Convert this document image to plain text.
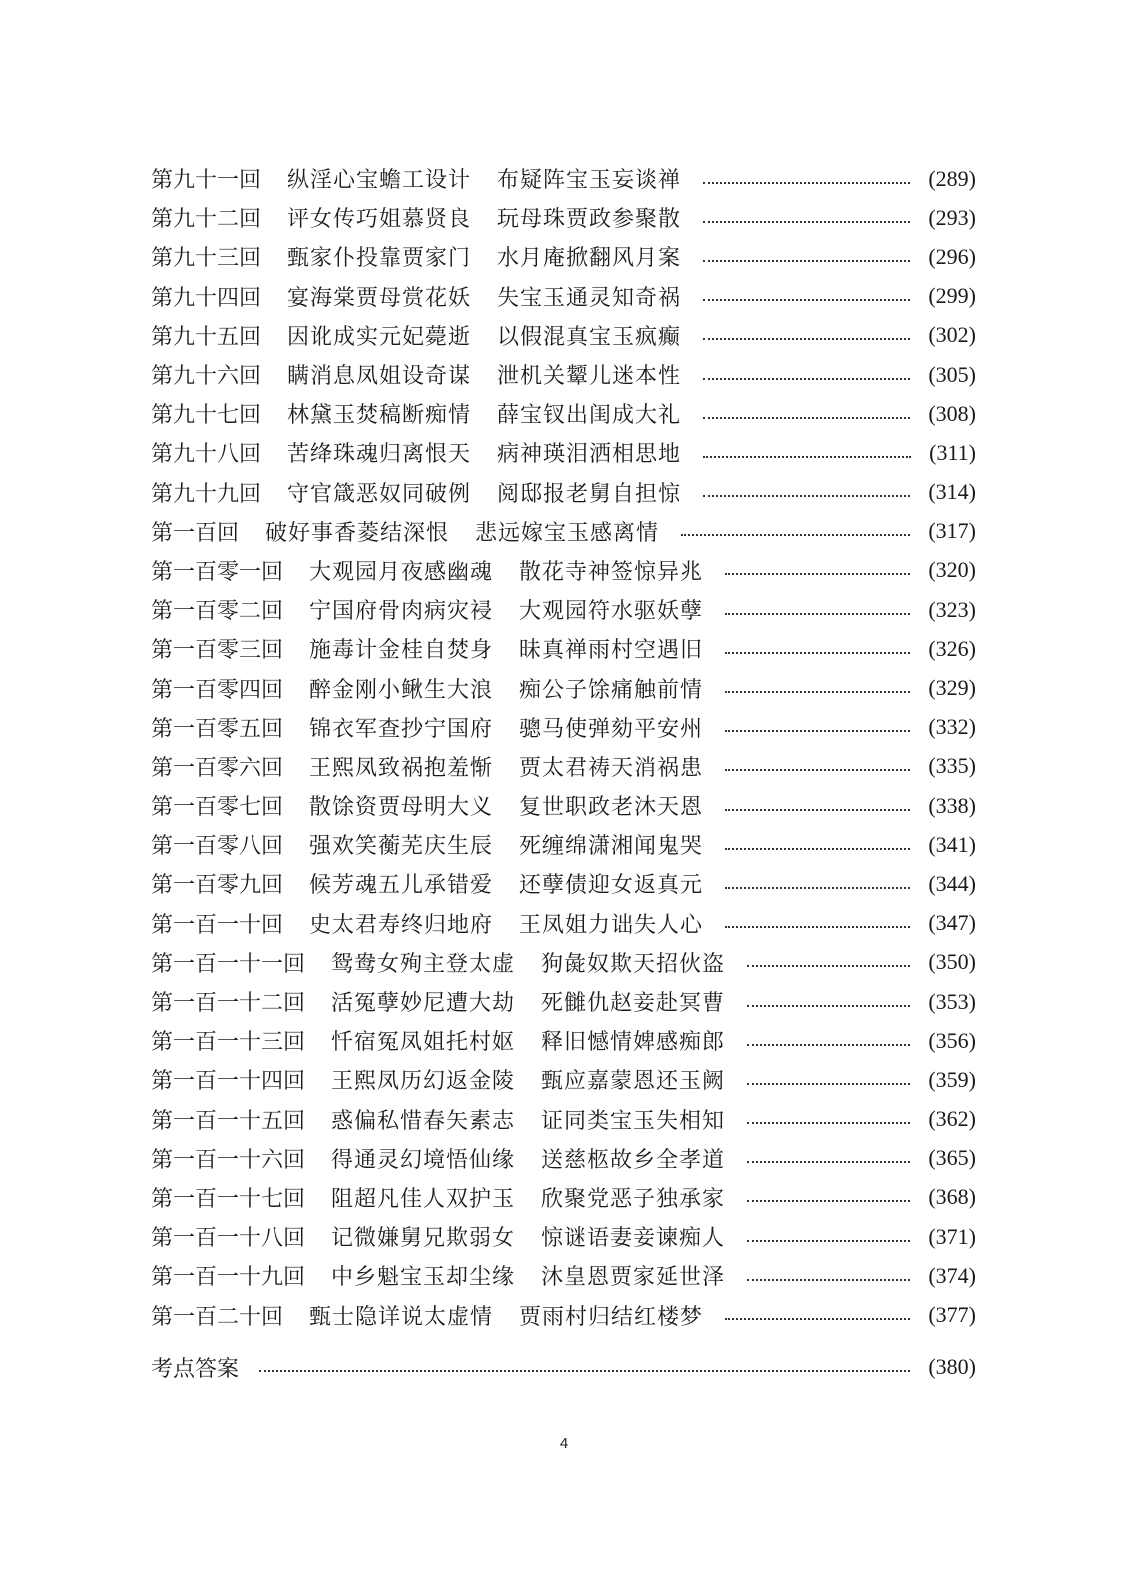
第九十一回 纵淫心宝蟾工设计 布疑阵宝玉妄谈禅	(289)
第九十二回 评女传巧姐慕贤良 玩母珠贾政参聚散	(293)
第九十三回 甄家仆投靠贾家门 水月庵掀翻风月案	(296)
第九十四回 宴海棠贾母赏花妖 失宝玉通灵知奇祸	(299)
第九十五回 因讹成实元妃薨逝 以假混真宝玉疯癫	(302)
第九十六回 瞒消息凤姐设奇谋 泄机关颦儿迷本性	(305)
第九十七回 林黛玉焚稿断痴情 薛宝钗出闺成大礼	(308)
第九十八回 苦绛珠魂归离恨天 病神瑛泪洒相思地	(311)
第九十九回 守官箴恶奴同破例 阅邸报老舅自担惊	(314)
第一百回 破好事香菱结深恨 悲远嫁宝玉感离情	(317)
第一百零一回 大观园月夜感幽魂 散花寺神签惊异兆	(320)
第一百零二回 宁国府骨肉病灾祲 大观园符水驱妖孽	(323)
第一百零三回 施毒计金桂自焚身 昧真禅雨村空遇旧	(326)
第一百零四回 醉金刚小鳅生大浪 痴公子馀痛触前情	(329)
第一百零五回 锦衣军查抄宁国府 骢马使弹劾平安州	(332)
第一百零六回 王熙凤致祸抱羞惭 贾太君祷天消祸患	(335)
第一百零七回 散馀资贾母明大义 复世职政老沐天恩	(338)
第一百零八回 强欢笑蘅芜庆生辰 死缠绵潇湘闻鬼哭	(341)
第一百零九回 候芳魂五儿承错爱 还孽债迎女返真元	(344)
第一百一十回 史太君寿终归地府 王凤姐力诎失人心	(347)
第一百一十一回 鸳鸯女殉主登太虚 狗彘奴欺天招伙盗	(350)
第一百一十二回 活冤孽妙尼遭大劫 死雠仇赵妾赴冥曹	(353)
第一百一十三回 忏宿冤凤姐托村妪 释旧憾情婢感痴郎	(356)
第一百一十四回 王熙凤历幻返金陵 甄应嘉蒙恩还玉阙	(359)
第一百一十五回 惑偏私惜春矢素志 证同类宝玉失相知	(362)
第一百一十六回 得通灵幻境悟仙缘 送慈柩故乡全孝道	(365)
第一百一十七回 阻超凡佳人双护玉 欣聚党恶子独承家	(368)
第一百一十八回 记微嫌舅兄欺弱女 惊谜语妻妾谏痴人	(371)
第一百一十九回 中乡魁宝玉却尘缘 沐皇恩贾家延世泽	(374)
第一百二十回 甄士隐详说太虚情 贾雨村归结红楼梦	(377)
考点答案	(380)
4
